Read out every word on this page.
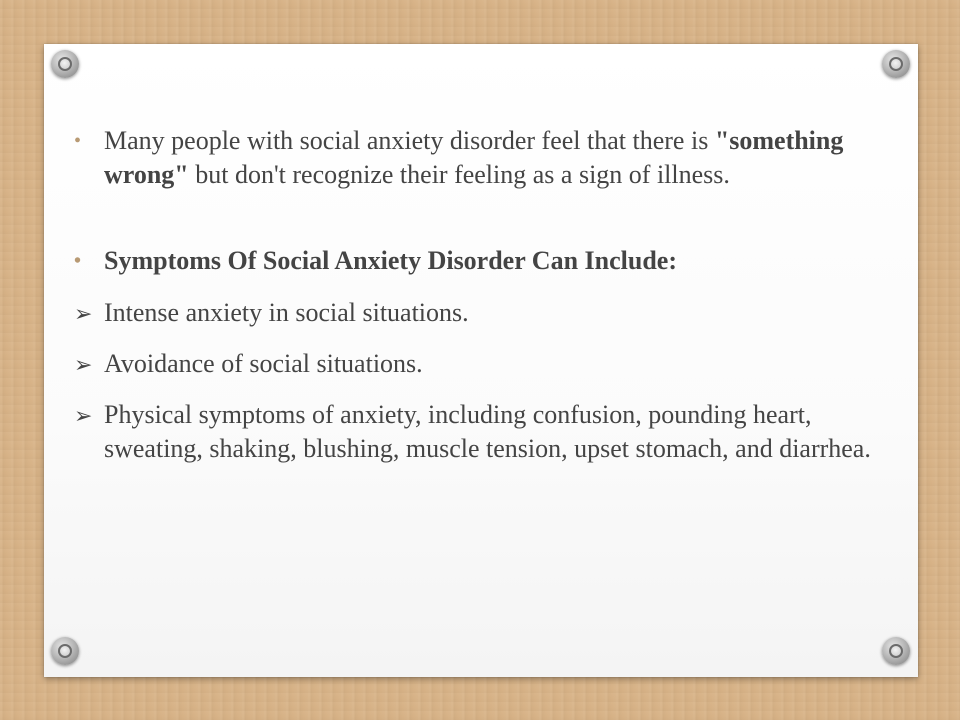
• Many people with social anxiety disorder feel that there is "something wrong" but don't recognize their feeling as a sign of illness.
• Symptoms Of Social Anxiety Disorder Can Include:
➢ Intense anxiety in social situations.
➢ Avoidance of social situations.
➢ Physical symptoms of anxiety, including confusion, pounding heart, sweating, shaking, blushing, muscle tension, upset stomach, and diarrhea.
